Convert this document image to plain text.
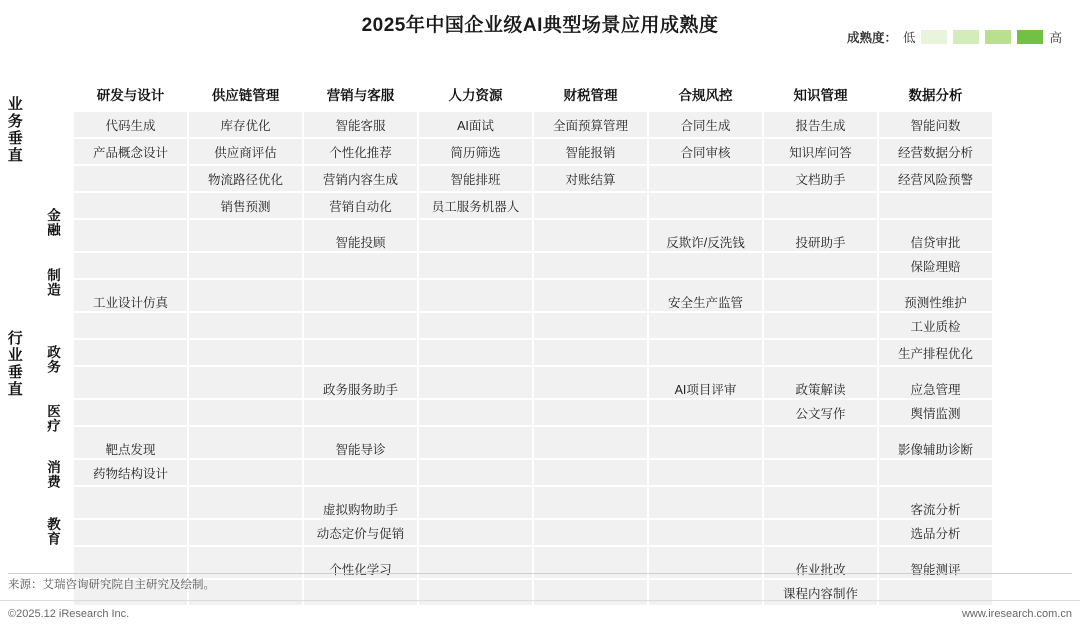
2025年中国企业级AI典型场景应用成熟度
成熟度： 低	高
业务垂直
行业垂直
金融
制造
政务
医疗
消费
教育
研发与设计	供应链管理	营销与客服	人力资源	财税管理	合规风控	知识管理	数据分析
代码生成	库存优化	智能客服	AI面试	全面预算管理	合同生成	报告生成	智能问数
产品概念设计	供应商评估	个性化推荐	简历筛选	智能报销	合同审核	知识库问答	经营数据分析
	物流路径优化	营销内容生成	智能排班	对账结算		文档助手	经营风险预警
	销售预测	营销自动化	员工服务机器人				
		智能投顾			反欺诈/反洗钱	投研助手	信贷审批
							保险理赔
工业设计仿真					安全生产监管		预测性维护
							工业质检
							生产排程优化
		政务服务助手			AI项目评审	政策解读	应急管理
						公文写作	舆情监测
靶点发现		智能导诊					影像辅助诊断
药物结构设计							
		虚拟购物助手					客流分析
		动态定价与促销					选品分析
		个性化学习				作业批改	智能测评
						课程内容制作	
来源：艾瑞咨询研究院自主研究及绘制。
©2025.12 iResearch Inc.	www.iresearch.com.cn
